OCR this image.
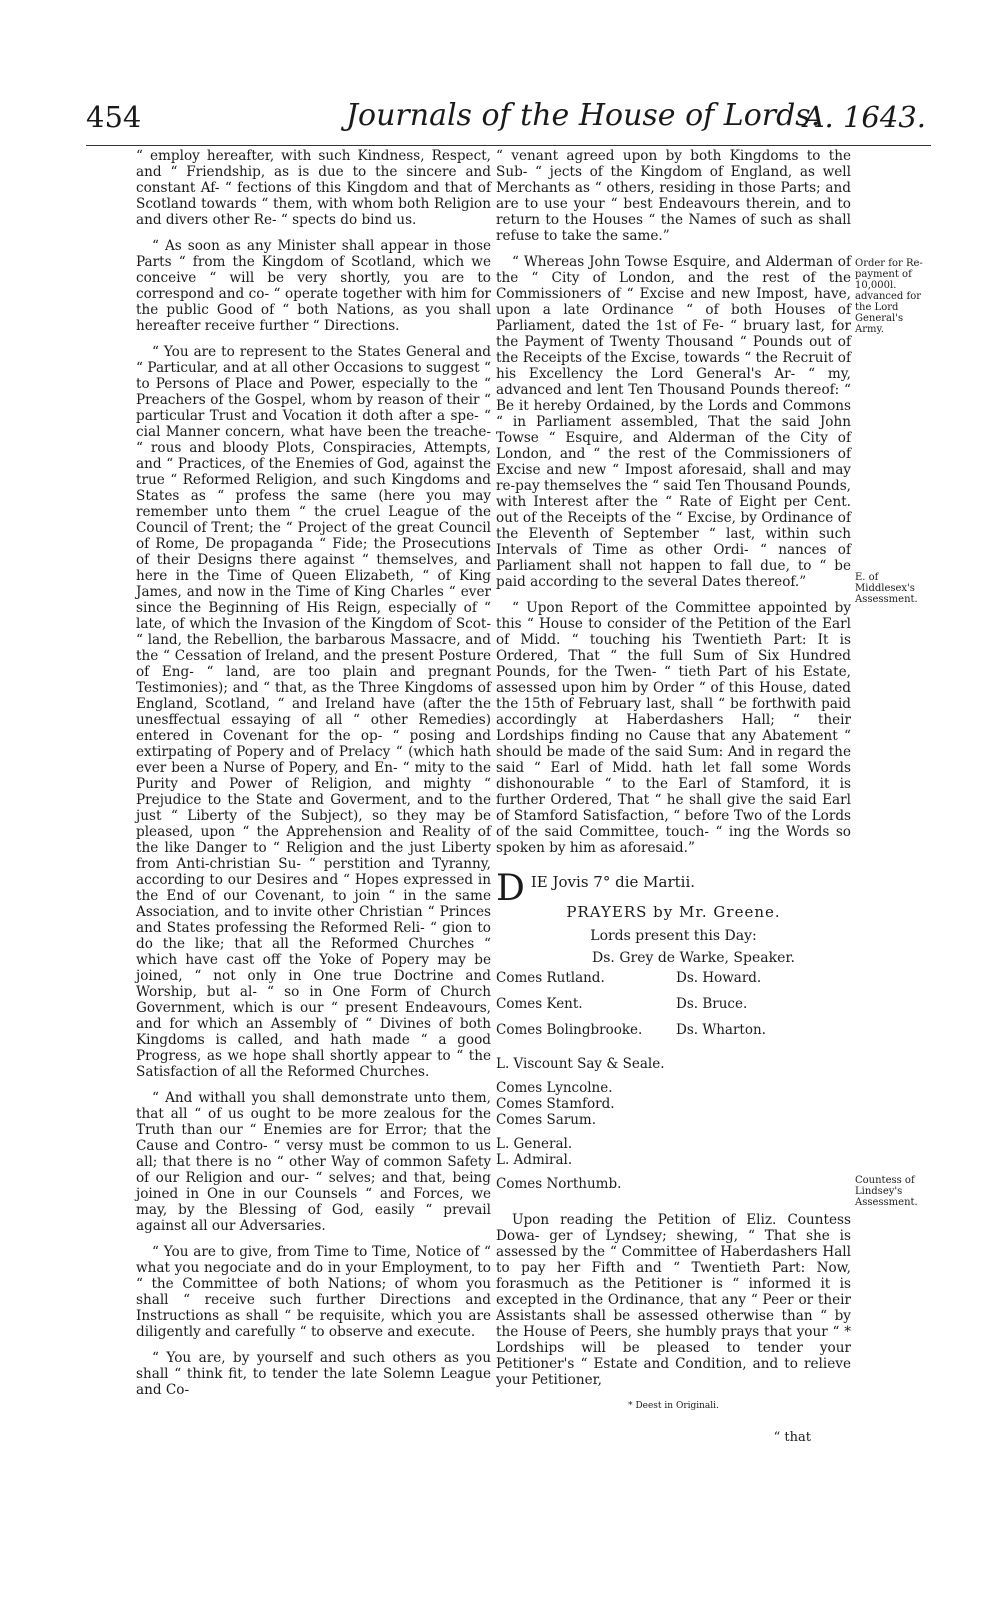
454	Journals of the House of Lords.
A. 1643.

“ employ hereafter, with such Kindness, Respect, and “ Friendship, as is due to the sincere and constant Af- “ fections of this Kingdom and that of Scotland towards “ them, with whom both Religion and divers other Re- “ spects do bind us.

“ As soon as any Minister shall appear in those Parts “ from the Kingdom of Scotland, which we conceive “ will be very shortly, you are to correspond and co- “ operate together with him for the public Good of “ both Nations, as you shall hereafter receive further “ Directions.

“ You are to represent to the States General and “ Particular, and at all other Occasions to suggest “ to Persons of Place and Power, especially to the “ Preachers of the Gospel, whom by reason of their “ particular Trust and Vocation it doth after a spe- “ cial Manner concern, what have been the treache- “ rous and bloody Plots, Conspiracies, Attempts, and “ Practices, of the Enemies of God, against the true “ Reformed Religion, and such Kingdoms and States as “ profess the same (here you may remember unto them “ the cruel League of the Council of Trent; the “ Project of the great Council of Rome, De propaganda “ Fide; the Prosecutions of their Designs there against “ themselves, and here in the Time of Queen Elizabeth, “ of King James, and now in the Time of King Charles “ ever since the Beginning of His Reign, especially of “ late, of which the Invasion of the Kingdom of Scot- “ land, the Rebellion, the barbarous Massacre, and the “ Cessation of Ireland, and the present Posture of Eng- “ land, are too plain and pregnant Testimonies); and “ that, as the Three Kingdoms of England, Scotland, “ and Ireland have (after the unesffectual essaying of all “ other Remedies) entered in Covenant for the op- “ posing and extirpating of Popery and of Prelacy “ (which hath ever been a Nurse of Popery, and En- “ mity to the Purity and Power of Religion, and mighty “ Prejudice to the State and Goverment, and to the just “ Liberty of the Subject), so they may be pleased, upon “ the Apprehension and Reality of the like Danger to “ Religion and the just Liberty from Anti-christian Su- “ perstition and Tyranny, according to our Desires and “ Hopes expressed in the End of our Covenant, to join “ in the same Association, and to invite other Christian “ Princes and States professing the Reformed Reli- “ gion to do the like; that all the Reformed Churches “ which have cast off the Yoke of Popery may be joined, “ not only in One true Doctrine and Worship, but al- “ so in One Form of Church Government, which is our “ present Endeavours, and for which an Assembly of “ Divines of both Kingdoms is called, and hath made “ a good Progress, as we hope shall shortly appear to “ the Satisfaction of all the Reformed Churches.

“ And withall you shall demonstrate unto them, that all “ of us ought to be more zealous for the Truth than our “ Enemies are for Error; that the Cause and Contro- “ versy must be common to us all; that there is no “ other Way of common Safety of our Religion and our- “ selves; and that, being joined in One in our Counsels “ and Forces, we may, by the Blessing of God, easily “ prevail against all our Adversaries.

“ You are to give, from Time to Time, Notice of “ what you negociate and do in your Employment, to “ the Committee of both Nations; of whom you shall “ receive such further Directions and Instructions as shall “ be requisite, which you are diligently and carefully “ to observe and execute.

“ You are, by yourself and such others as you shall “ think fit, to tender the late Solemn League and Co-

“ venant agreed upon by both Kingdoms to the Sub- “ jects of the Kingdom of England, as well Merchants as “ others, residing in those Parts; and are to use your “ best Endeavours therein, and to return to the Houses “ the Names of such as shall refuse to take the same.”

“ Whereas John Towse Esquire, and Alderman of the “ City of London, and the rest of the Commissioners of “ Excise and new Impost, have, upon a late Ordinance “ of both Houses of Parliament, dated the 1st of Fe- “ bruary last, for the Payment of Twenty Thousand “ Pounds out of the Receipts of the Excise, towards “ the Recruit of his Excellency the Lord General's Ar- “ my, advanced and lent Ten Thousand Pounds thereof: “ Be it hereby Ordained, by the Lords and Commons “ in Parliament assembled, That the said John Towse “ Esquire, and Alderman of the City of London, and “ the rest of the Commissioners of Excise and new “ Impost aforesaid, shall and may re-pay themselves the “ said Ten Thousand Pounds, with Interest after the “ Rate of Eight per Cent. out of the Receipts of the “ Excise, by Ordinance of the Eleventh of September “ last, within such Intervals of Time as other Ordi- “ nances of Parliament shall not happen to fall due, to “ be paid according to the several Dates thereof.”

“ Upon Report of the Committee appointed by this “ House to consider of the Petition of the Earl of Midd. “ touching his Twentieth Part: It is Ordered, That “ the full Sum of Six Hundred Pounds, for the Twen- “ tieth Part of his Estate, assessed upon him by Order “ of this House, dated the 15th of February last, shall “ be forthwith paid accordingly at Haberdashers Hall; “ their Lordships finding no Cause that any Abatement “ should be made of the said Sum: And in regard the said “ Earl of Midd. hath let fall some Words dishonourable “ to the Earl of Stamford, it is further Ordered, That “ he shall give the said Earl of Stamford Satisfaction, “ before Two of the Lords of the said Committee, touch- “ ing the Words so spoken by him as aforesaid.”

D IE Jovis 7° die Martii.
PRAYERS by Mr. Greene.
Lords present this Day:
Ds. Grey de Warke, Speaker.

Comes Rutland.	Ds. Howard.

Comes Kent.	Ds. Bruce.

Comes Bolingbrooke.	Ds. Wharton.

L. Viscount Say & Seale.

Comes Lyncolne.

Comes Stamford.

Comes Sarum.

L. General.

L. Admiral.

Comes Northumb.

Upon reading the Petition of Eliz. Countess Dowa- ger of Lyndsey; shewing, “ That she is assessed by the “ Committee of Haberdashers Hall to pay her Fifth and “ Twentieth Part: Now, forasmuch as the Petitioner is “ informed it is excepted in the Ordinance, that any “ Peer or their Assistants shall be assessed otherwise than “ by the House of Peers, she humbly prays that your “ * Lordships will be pleased to tender your Petitioner's “ Estate and Condition, and to relieve your Petitioner,

* Deest in Originali.
“ that
Order for Re-payment of 10,000l. advanced for the Lord General's Army.
E. of Middlesex's Assessment.
Countess of Lindsey's Assessment.
